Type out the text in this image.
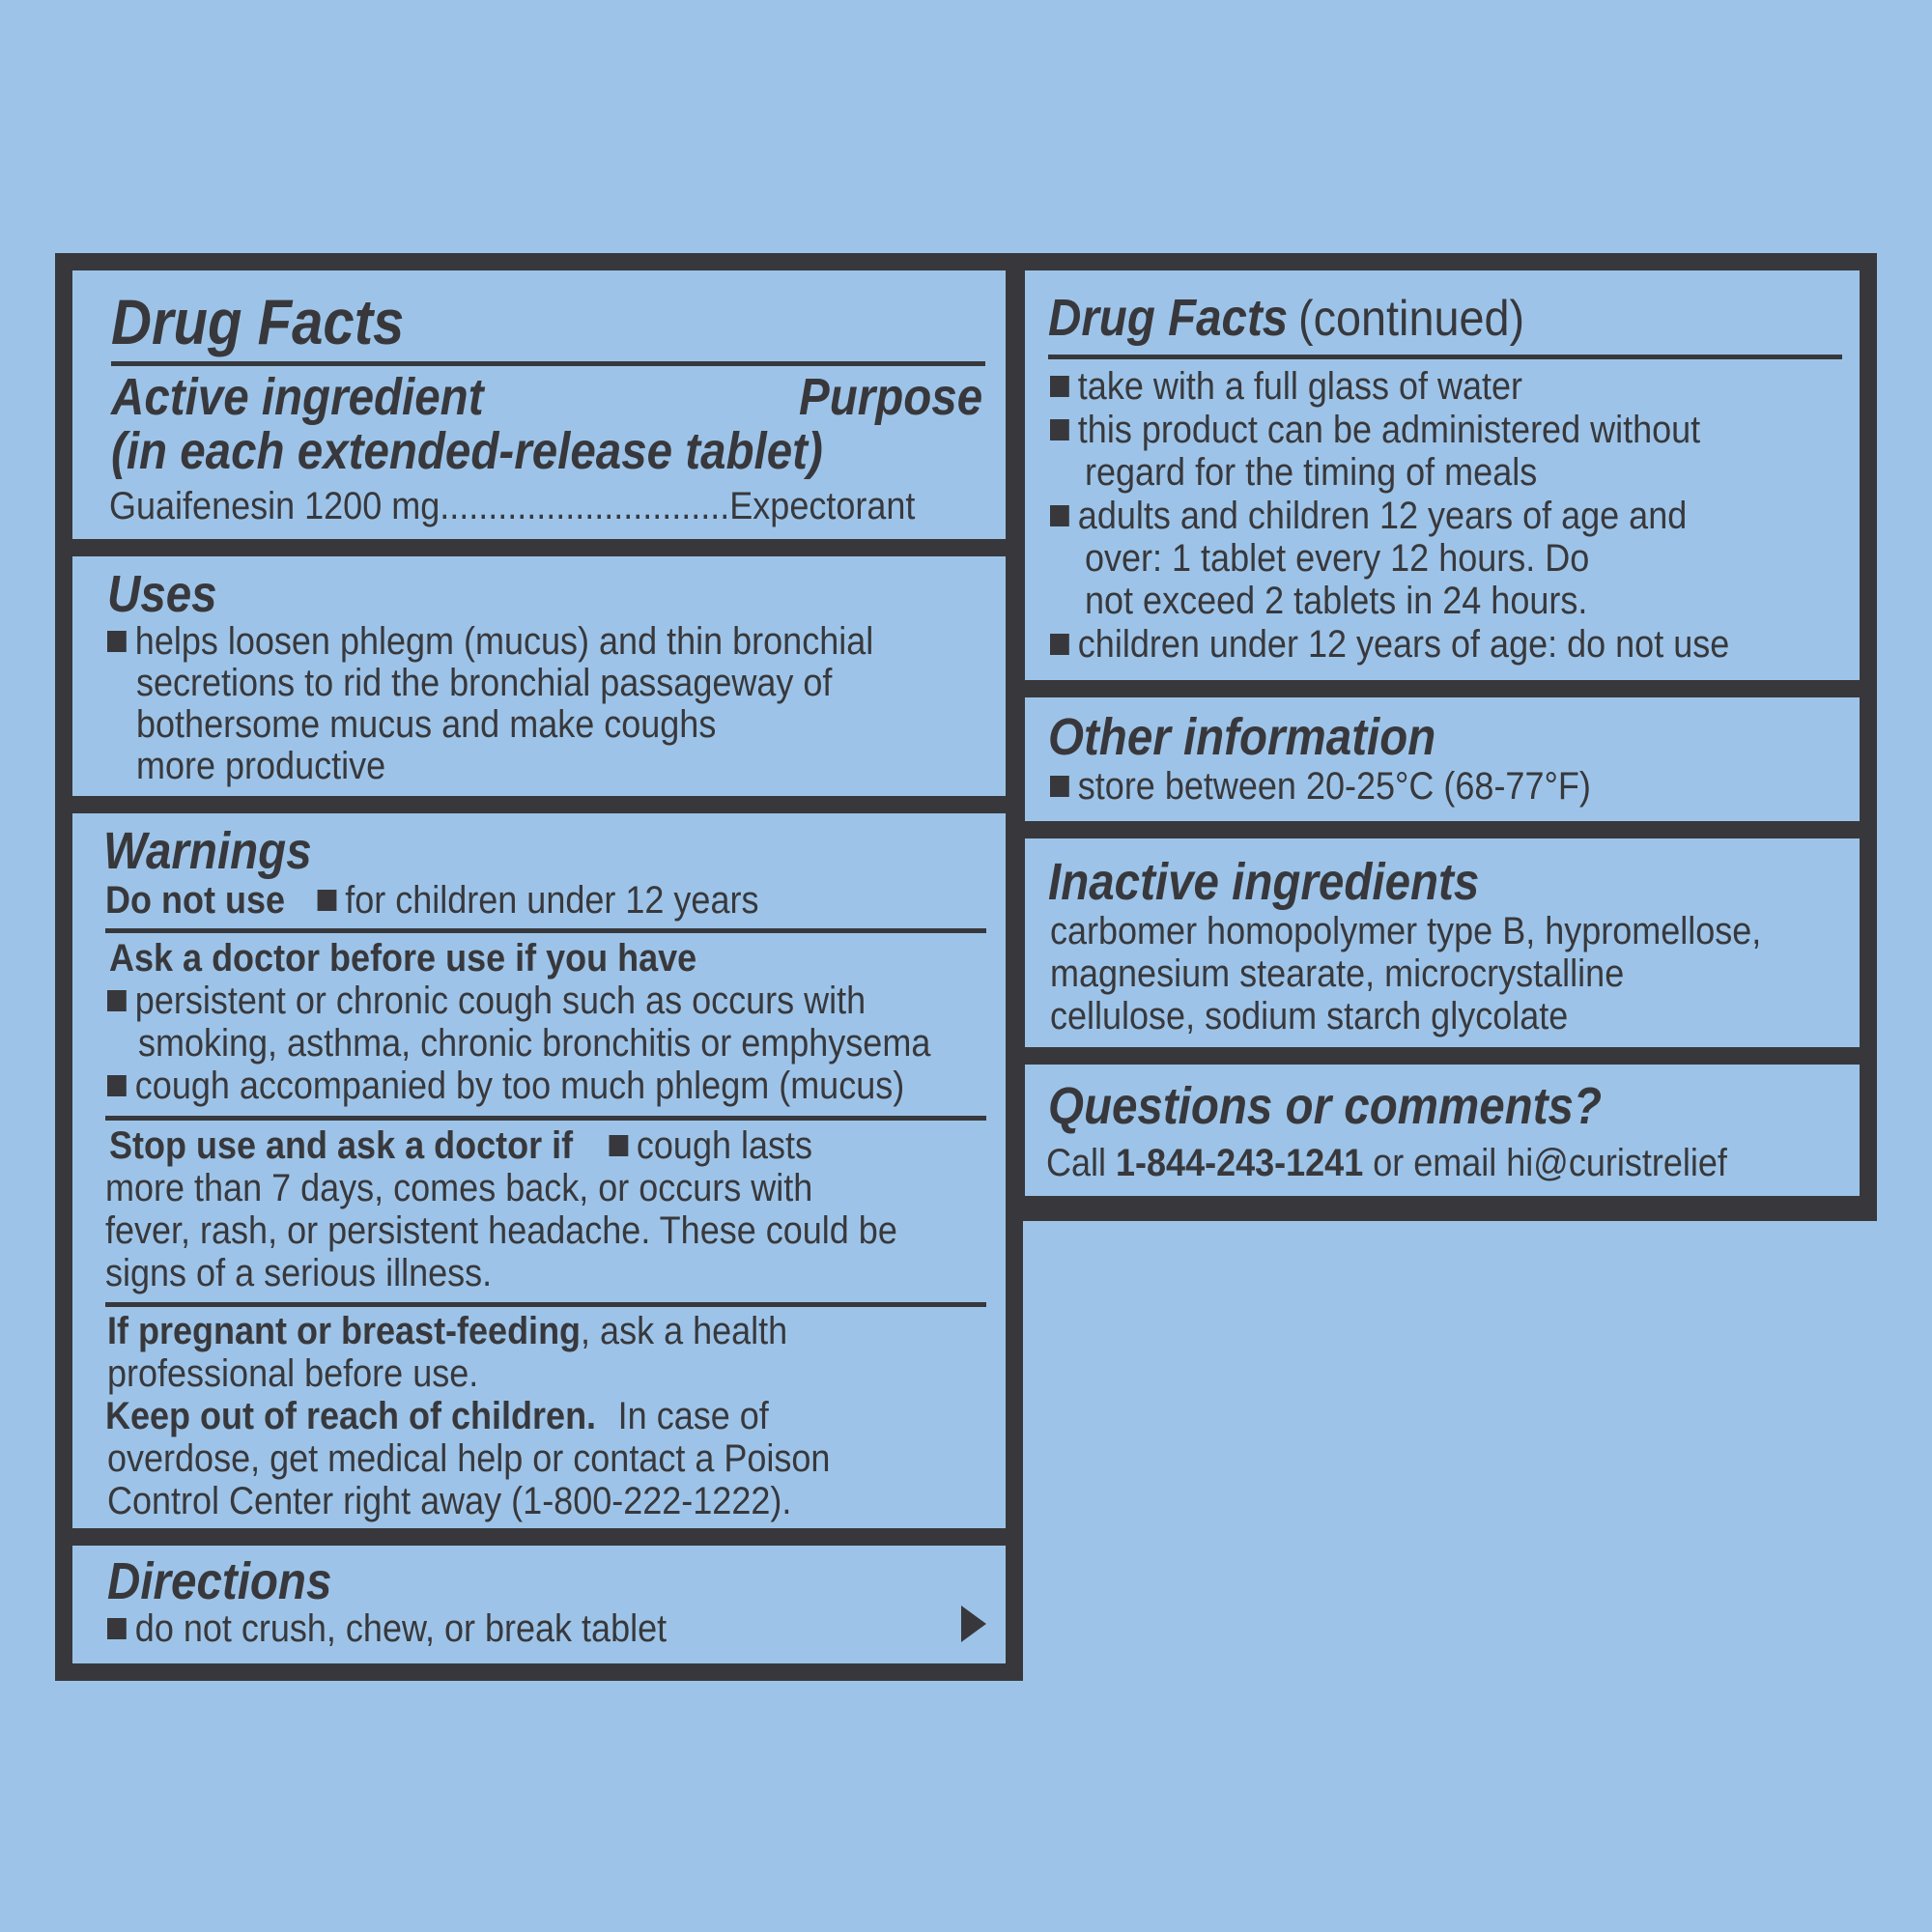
Drug Facts
Active ingredient	Purpose
(in each extended-release tablet)
Guaifenesin 1200 mg..............................Expectorant
Uses
helps loosen phlegm (mucus) and thin bronchial
secretions to rid the bronchial passageway of
bothersome mucus and make coughs
more productive
Warnings
Do not use for children under 12 years
Ask a doctor before use if you have
persistent or chronic cough such as occurs with
smoking, asthma, chronic bronchitis or emphysema
cough accompanied by too much phlegm (mucus)
Stop use and ask a doctor if cough lasts
more than 7 days, comes back, or occurs with
fever, rash, or persistent headache. These could be
signs of a serious illness.
If pregnant or breast-feeding, ask a health
professional before use.
Keep out of reach of children. In case of
overdose, get medical help or contact a Poison
Control Center right away (1-800-222-1222).
Directions
do not crush, chew, or break tablet
Drug Facts (continued)
take with a full glass of water
this product can be administered without
regard for the timing of meals
adults and children 12 years of age and
over: 1 tablet every 12 hours. Do
not exceed 2 tablets in 24 hours.
children under 12 years of age: do not use
Other information
store between 20-25°C (68-77°F)
Inactive ingredients
carbomer homopolymer type B, hypromellose,
magnesium stearate, microcrystalline
cellulose, sodium starch glycolate
Questions or comments?
Call 1-844-243-1241 or email hi@curistrelief
